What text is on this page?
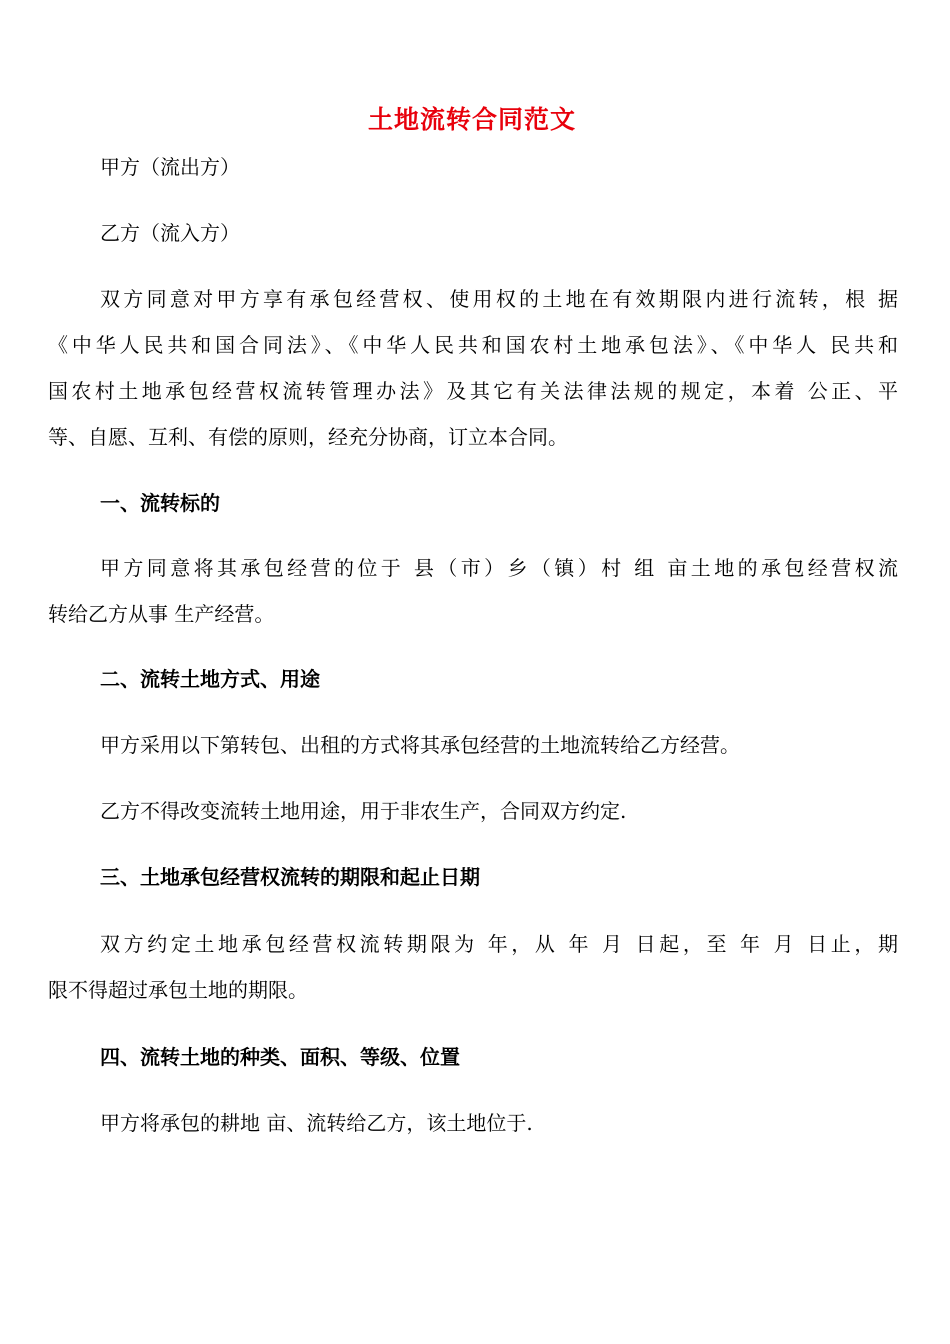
土地流转合同范文
甲方（流出方）
乙方（流入方）
双方同意对甲方享有承包经营权、使用权的土地在有效期限内进行流转，根 据
《中华人民共和国合同法》、《中华人民共和国农村土地承包法》、《中华人 民共和
国农村土地承包经营权流转管理办法》及其它有关法律法规的规定，本着 公正、平
等、自愿、互利、有偿的原则，经充分协商，订立本合同。
一、流转标的
甲方同意将其承包经营的位于 县（市）乡（镇）村 组 亩土地的承包经营权流
转给乙方从事 生产经营。
二、流转土地方式、用途
甲方采用以下第转包、出租的方式将其承包经营的土地流转给乙方经营。
乙方不得改变流转土地用途，用于非农生产，合同双方约定.
三、土地承包经营权流转的期限和起止日期
双方约定土地承包经营权流转期限为 年，从 年 月 日起，至 年 月 日止，期
限不得超过承包土地的期限。
四、流转土地的种类、面积、等级、位置
甲方将承包的耕地 亩、流转给乙方，该土地位于.
